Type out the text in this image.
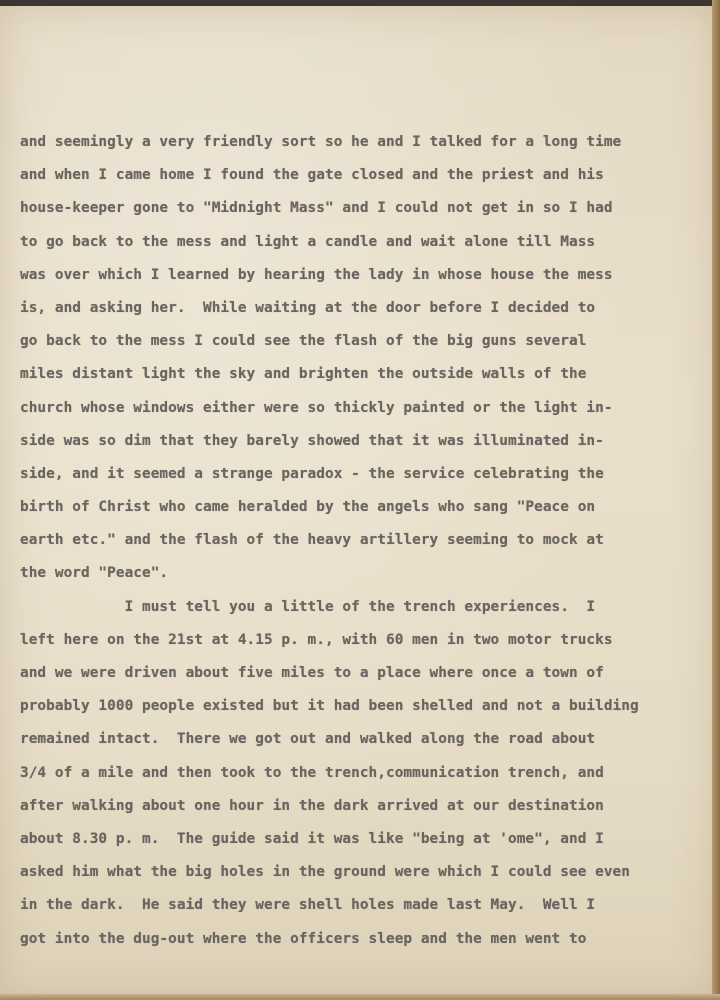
and seemingly a very friendly sort so he and I talked for a long time
and when I came home I found the gate closed and the priest and his
house-keeper gone to "Midnight Mass" and I could not get in so I had
to go back to the mess and light a candle and wait alone till Mass
was over which I learned by hearing the lady in whose house the mess
is, and asking her.  While waiting at the door before I decided to
go back to the mess I could see the flash of the big guns several
miles distant light the sky and brighten the outside walls of the
church whose windows either were so thickly painted or the light in-
side was so dim that they barely showed that it was illuminated in-
side, and it seemed a strange paradox - the service celebrating the
birth of Christ who came heralded by the angels who sang "Peace on
earth etc." and the flash of the heavy artillery seeming to mock at
the word "Peace".
I must tell you a little of the trench experiences.  I
left here on the 21st at 4.15 p. m., with 60 men in two motor trucks
and we were driven about five miles to a place where once a town of
probably 1000 people existed but it had been shelled and not a building
remained intact.  There we got out and walked along the road about
3/4 of a mile and then took to the trench,communication trench, and
after walking about one hour in the dark arrived at our destination
about 8.30 p. m.  The guide said it was like "being at 'ome", and I
asked him what the big holes in the ground were which I could see even
in the dark.  He said they were shell holes made last May.  Well I
got into the dug-out where the officers sleep and the men went to
